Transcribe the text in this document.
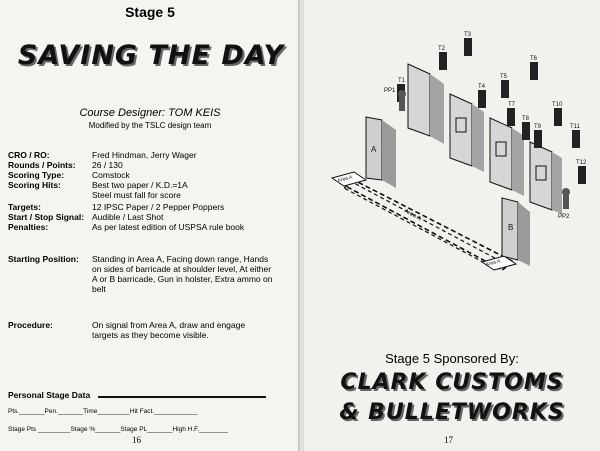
Stage 5
SAVING THE DAY
Course Designer: TOM KEIS
Modified by the TSLC design team
CRO / RO:	Fred Hindman, Jerry Wager
Rounds / Points:	26 / 130
Scoring Type:	Comstock
Scoring Hits:	Best two paper / K.D.=1A
Steel must fall for score
Targets:	12 IPSC Paper / 2 Pepper Poppers
Start / Stop Signal: Audible / Last Shot
Penalties:	As per latest edition of USPSA rule book
Starting Position:	Standing in Area A, Facing down range, Hands on sides of barricade at shoulder level, At either A or B barricade, Gun in holster, Extra ammo on belt
Procedure:	On signal from Area A, draw and engage targets as they become visible.
Personal Stage Data
Pts._______Pen._______Time_________Hit Fact.____________
Stage Pts _________Stage %_______Stage PL_______High H.F.________
16
PP1
PP2
T1
T2
T3
T4
T5
T6
T7
T8
T9
T10
T11
T12
A
B
Area A
Area A
Area A
Stage 5 Sponsored By:
CLARK CUSTOMS
& BULLETWORKS
17
